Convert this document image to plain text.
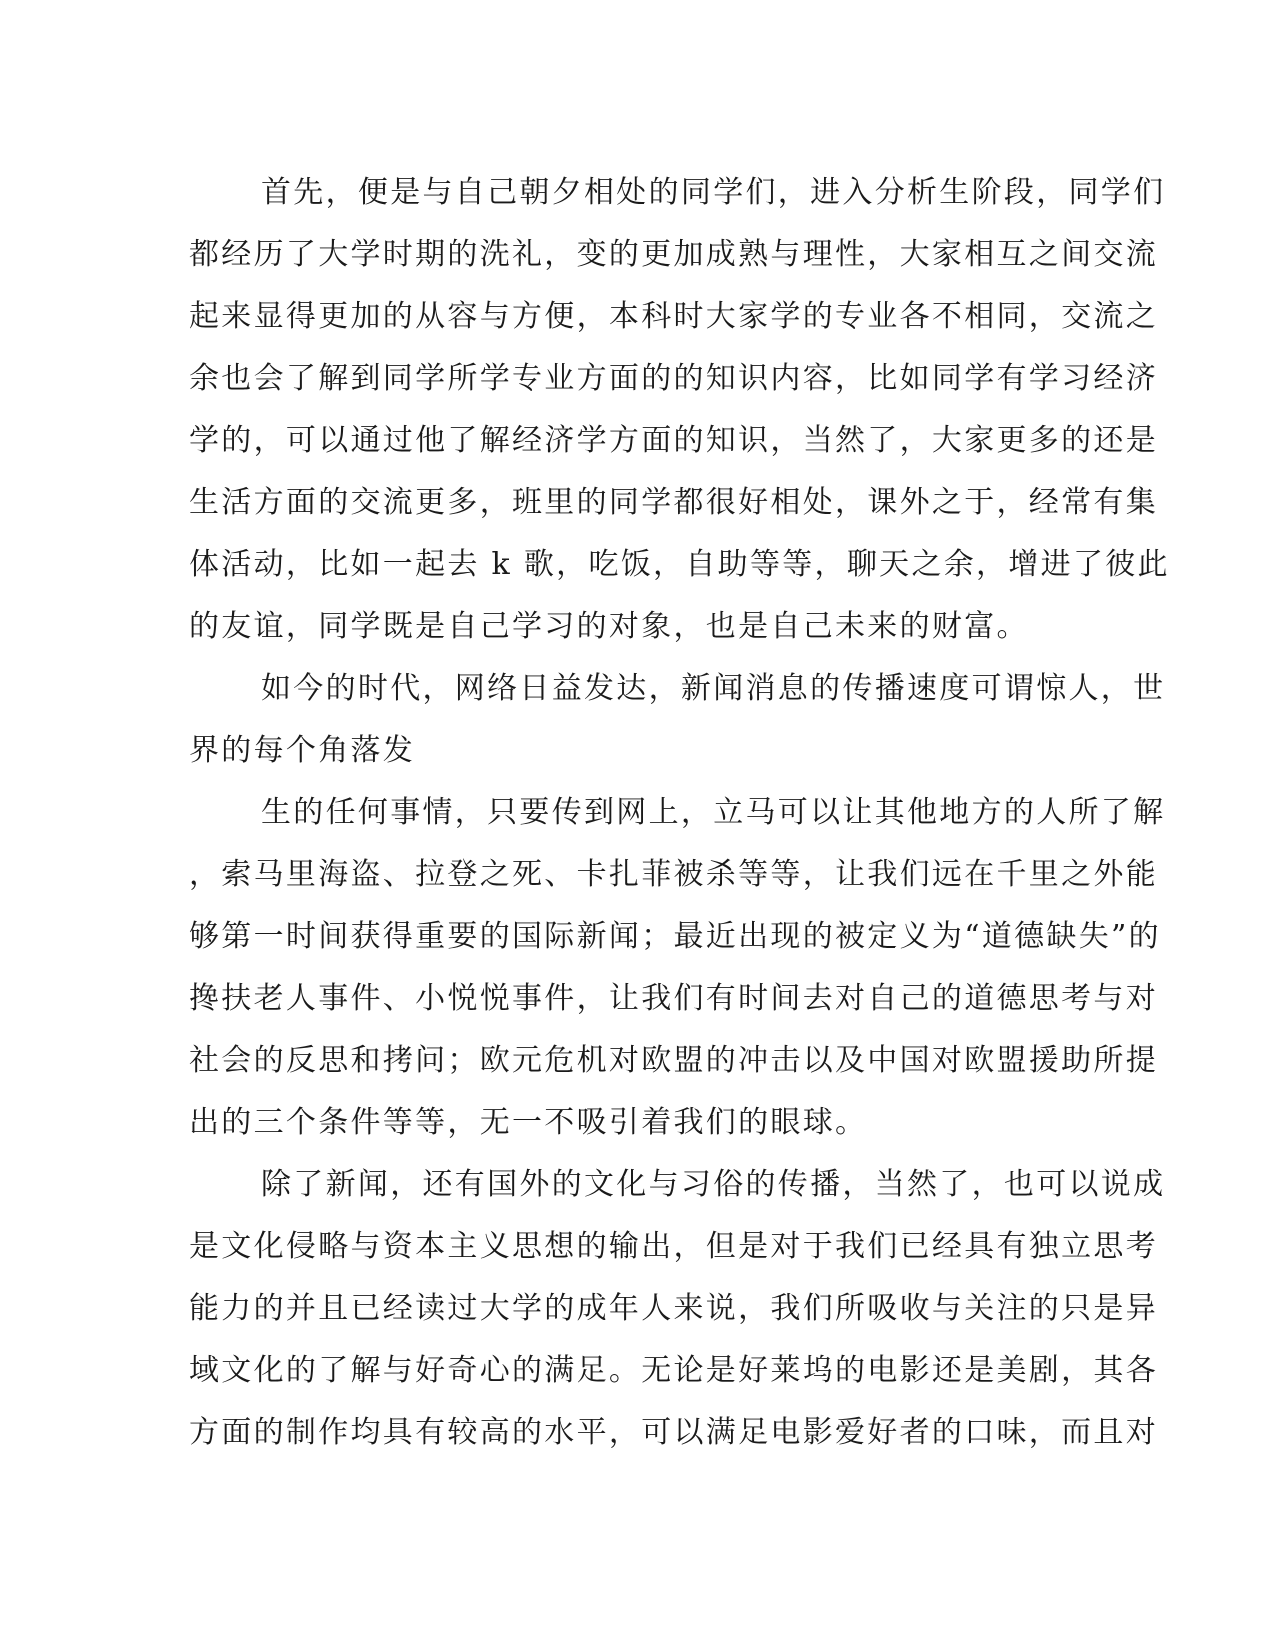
首先，便是与自己朝夕相处的同学们，进入分析生阶段，同学们
都经历了大学时期的洗礼，变的更加成熟与理性，大家相互之间交流
起来显得更加的从容与方便，本科时大家学的专业各不相同，交流之
余也会了解到同学所学专业方面的的知识内容，比如同学有学习经济
学的，可以通过他了解经济学方面的知识，当然了，大家更多的还是
生活方面的交流更多，班里的同学都很好相处，课外之于，经常有集
体活动，比如一起去 k 歌，吃饭，自助等等，聊天之余，增进了彼此
的友谊，同学既是自己学习的对象，也是自己未来的财富。
如今的时代，网络日益发达，新闻消息的传播速度可谓惊人，世
界的每个角落发
生的任何事情，只要传到网上，立马可以让其他地方的人所了解
，索马里海盗、拉登之死、卡扎菲被杀等等，让我们远在千里之外能
够第一时间获得重要的国际新闻；最近出现的被定义为“道德缺失”的
搀扶老人事件、小悦悦事件，让我们有时间去对自己的道德思考与对
社会的反思和拷问；欧元危机对欧盟的冲击以及中国对欧盟援助所提
出的三个条件等等，无一不吸引着我们的眼球。
除了新闻，还有国外的文化与习俗的传播，当然了，也可以说成
是文化侵略与资本主义思想的输出，但是对于我们已经具有独立思考
能力的并且已经读过大学的成年人来说，我们所吸收与关注的只是异
域文化的了解与好奇心的满足。无论是好莱坞的电影还是美剧，其各
方面的制作均具有较高的水平，可以满足电影爱好者的口味，而且对
